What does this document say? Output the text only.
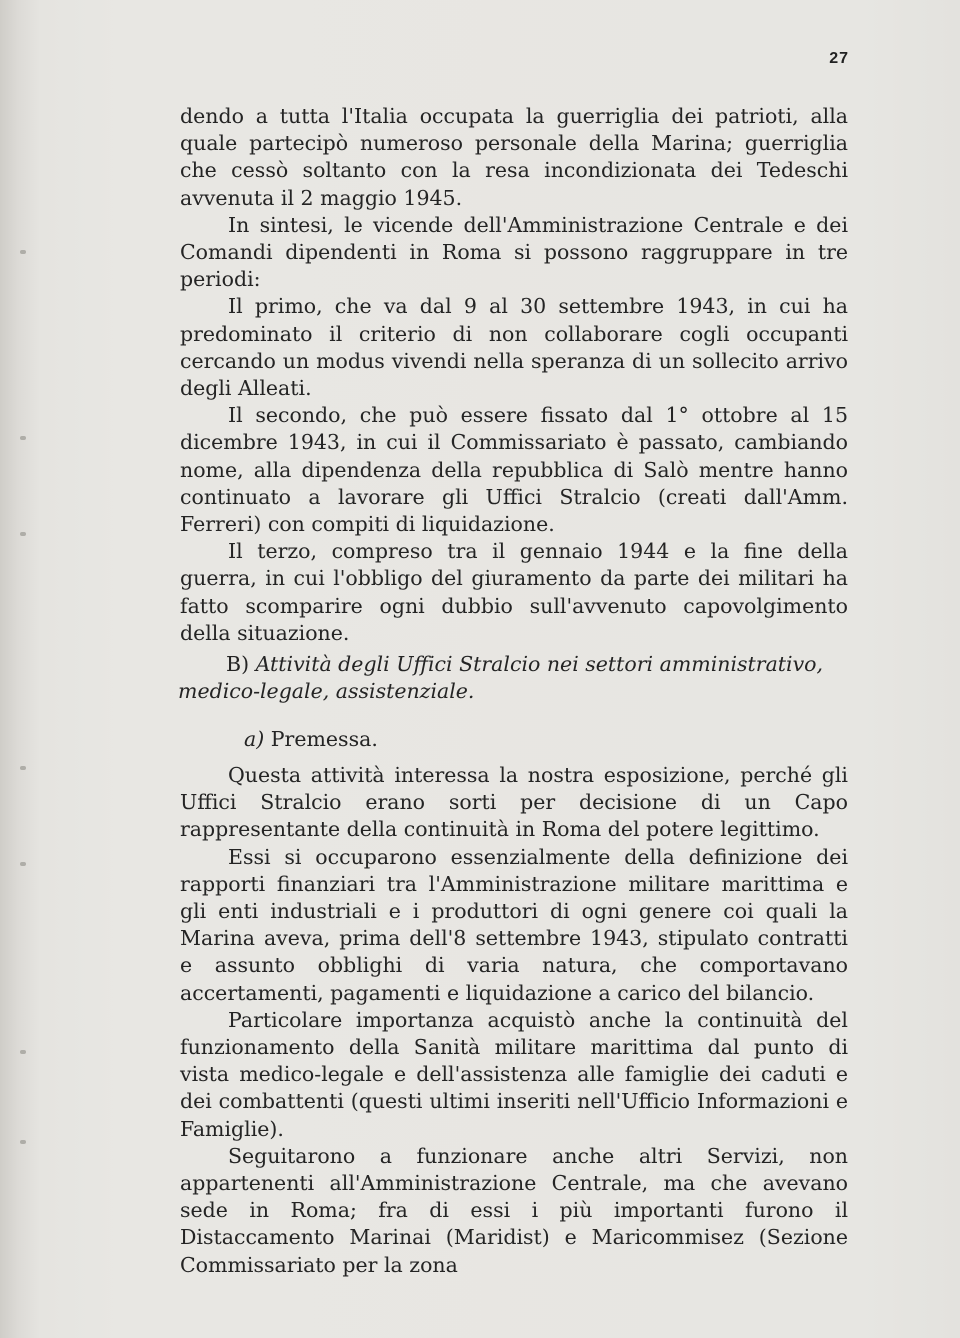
27

dendo a tutta l'Italia occupata la guerriglia dei patrioti, alla quale partecipò numeroso personale della Marina; guerriglia che cessò soltanto con la resa incondizionata dei Tedeschi avvenuta il 2 maggio 1945.

In sintesi, le vicende dell'Amministrazione Centrale e dei Comandi dipendenti in Roma si possono raggruppare in tre periodi:

Il primo, che va dal 9 al 30 settembre 1943, in cui ha predominato il criterio di non collaborare cogli occupanti cercando un modus vivendi nella speranza di un sollecito arrivo degli Alleati.

Il secondo, che può essere fissato dal 1° ottobre al 15 dicembre 1943, in cui il Commissariato è passato, cambiando nome, alla dipendenza della repubblica di Salò mentre hanno continuato a lavorare gli Uffici Stralcio (creati dall'Amm. Ferreri) con compiti di liquidazione.

Il terzo, compreso tra il gennaio 1944 e la fine della guerra, in cui l'obbligo del giuramento da parte dei militari ha fatto scomparire ogni dubbio sull'avvenuto capovolgimento della situazione.

B) Attività degli Uffici Stralcio nei settori amministrativo, medico-legale, assistenziale.
a) Premessa.

Questa attività interessa la nostra esposizione, perché gli Uffici Stralcio erano sorti per decisione di un Capo rappresentante della continuità in Roma del potere legittimo.

Essi si occuparono essenzialmente della definizione dei rapporti finanziari tra l'Amministrazione militare marittima e gli enti industriali e i produttori di ogni genere coi quali la Marina aveva, prima dell'8 settembre 1943, stipulato contratti e assunto obblighi di varia natura, che comportavano accertamenti, pagamenti e liquidazione a carico del bilancio.

Particolare importanza acquistò anche la continuità del funzionamento della Sanità militare marittima dal punto di vista medico-legale e dell'assistenza alle famiglie dei caduti e dei combattenti (questi ultimi inseriti nell'Ufficio Informazioni e Famiglie).

Seguitarono a funzionare anche altri Servizi, non appartenenti all'Amministrazione Centrale, ma che avevano sede in Roma; fra di essi i più importanti furono il Distaccamento Marinai (Maridist) e Maricommisez (Sezione Commissariato per la zona
